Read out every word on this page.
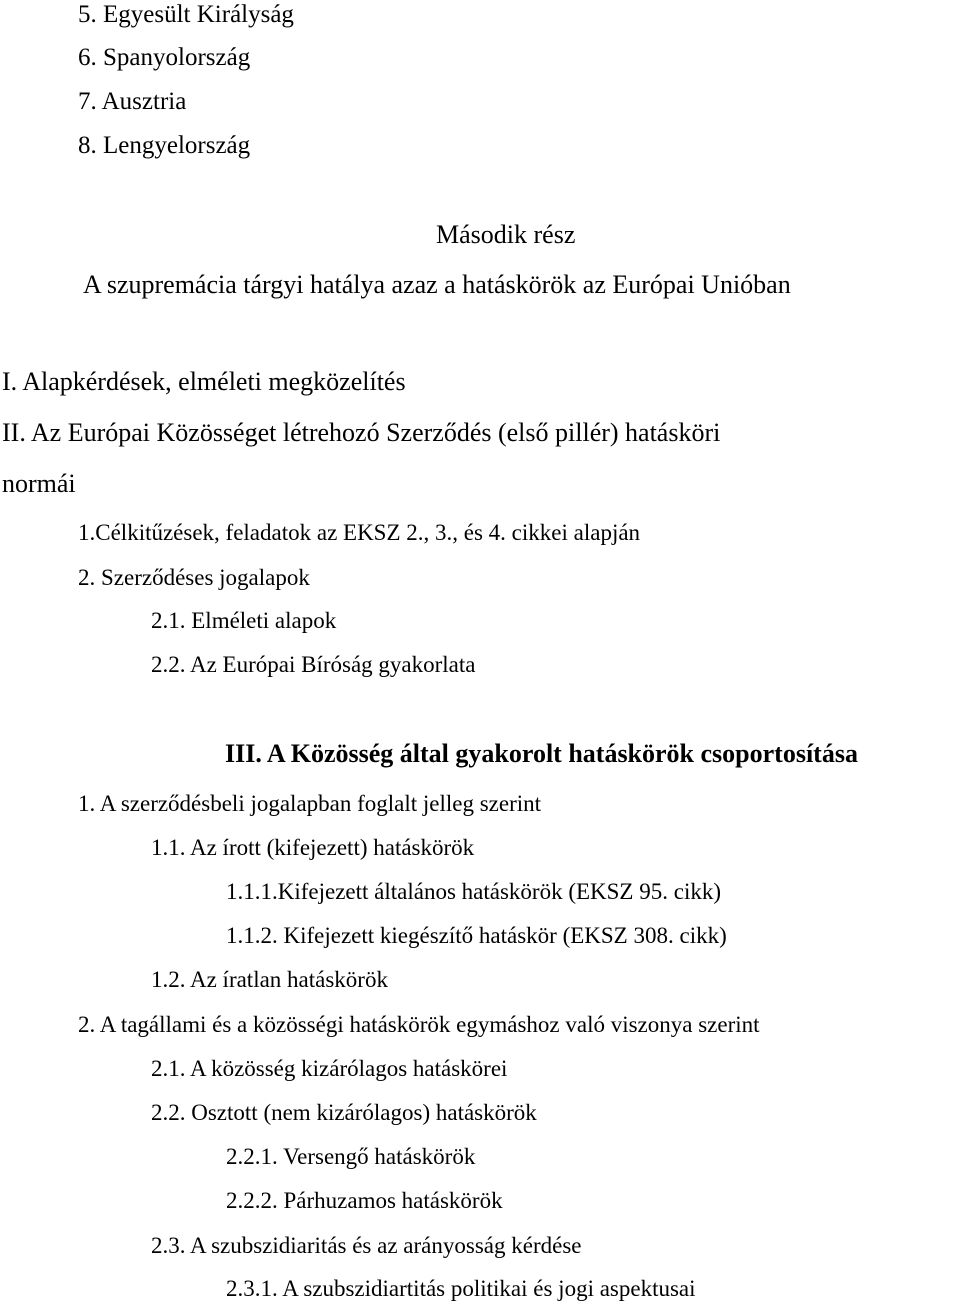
5. Egyesült Királyság
6. Spanyolország
7. Ausztria
8. Lengyelország
Második rész
A szupremácia tárgyi hatálya azaz a hatáskörök az Európai Unióban
I. Alapkérdések, elméleti megközelítés
II. Az Európai Közösséget létrehozó Szerződés (első pillér) hatásköri
normái
1.Célkitűzések, feladatok az EKSZ 2., 3., és 4. cikkei alapján
2. Szerződéses jogalapok
2.1. Elméleti alapok
2.2. Az Európai Bíróság gyakorlata
III. A Közösség által gyakorolt hatáskörök csoportosítása
1. A szerződésbeli jogalapban foglalt jelleg szerint
1.1. Az írott (kifejezett) hatáskörök
1.1.1.Kifejezett általános hatáskörök (EKSZ 95. cikk)
1.1.2. Kifejezett kiegészítő hatáskör (EKSZ 308. cikk)
1.2. Az íratlan hatáskörök
2. A tagállami és a közösségi hatáskörök egymáshoz való viszonya szerint
2.1. A közösség kizárólagos hatáskörei
2.2. Osztott (nem kizárólagos) hatáskörök
2.2.1. Versengő hatáskörök
2.2.2. Párhuzamos hatáskörök
2.3. A szubszidiaritás és az arányosság kérdése
2.3.1. A szubszidiartitás politikai és jogi aspektusai
